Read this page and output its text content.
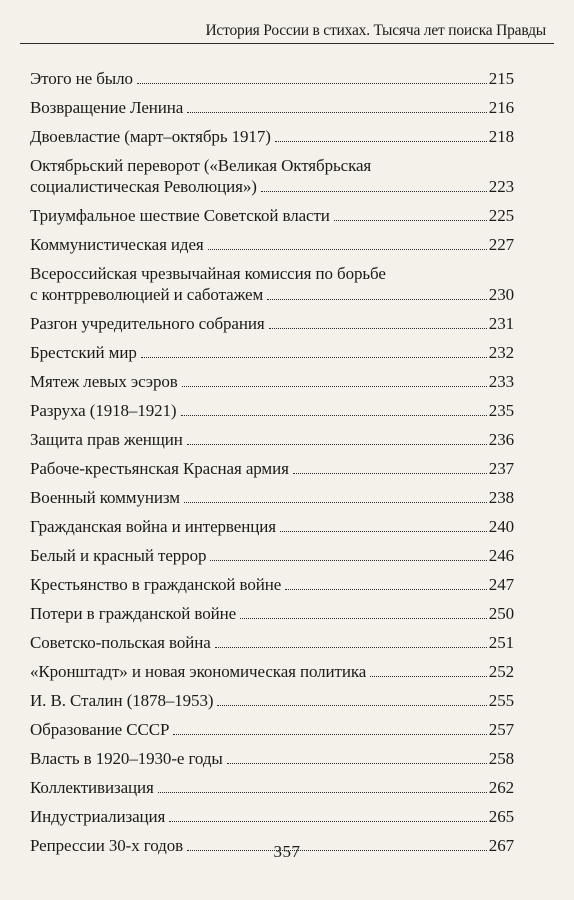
История России в стихах. Тысяча лет поиска Правды
Этого не было	215
Возвращение Ленина	216
Двоевластие (март–октябрь 1917)	218
Октябрьский переворот («Великая Октябрьская
социалистическая Революция»)	223
Триумфальное шествие Советской власти	225
Коммунистическая идея	227
Всероссийская чрезвычайная комиссия по борьбе
с контрреволюцией и саботажем	230
Разгон учредительного собрания	231
Брестский мир	232
Мятеж левых эсэров	233
Разруха (1918–1921)	235
Защита прав женщин	236
Рабоче-крестьянская Красная армия	237
Военный коммунизм	238
Гражданская война и интервенция	240
Белый и красный террор	246
Крестьянство в гражданской войне	247
Потери в гражданской войне	250
Советско-польская война	251
«Кронштадт» и новая экономическая политика	252
И. В. Сталин (1878–1953)	255
Образование СССР	257
Власть в 1920–1930-е годы	258
Коллективизация	262
Индустриализация	265
Репрессии 30-х годов	267
357
